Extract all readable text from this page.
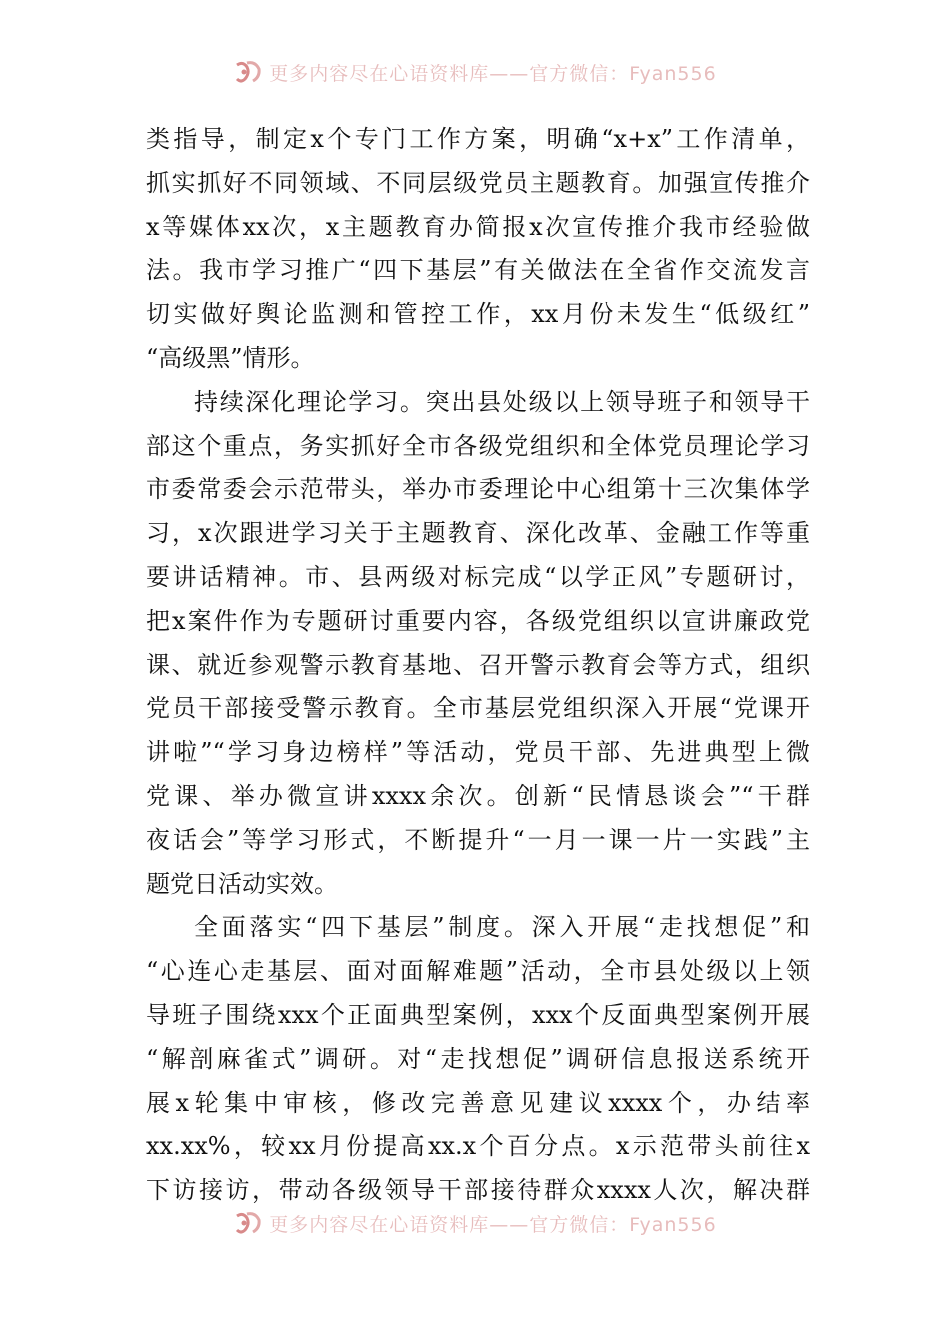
更多内容尽在心语资料库——官方微信：Fyan556
类指导，制定x个专门工作方案，明确“x+x”工作清单，
抓实抓好不同领域、不同层级党员主题教育。加强宣传推介
x等媒体xx次，x主题教育办简报x次宣传推介我市经验做
法。我市学习推广“四下基层”有关做法在全省作交流发言
切实做好舆论监测和管控工作，xx月份未发生“低级红”
“高级黑”情形。
持续深化理论学习。突出县处级以上领导班子和领导干
部这个重点，务实抓好全市各级党组织和全体党员理论学习
市委常委会示范带头，举办市委理论中心组第十三次集体学
习，x次跟进学习关于主题教育、深化改革、金融工作等重
要讲话精神。市、县两级对标完成“以学正风”专题研讨，
把x案件作为专题研讨重要内容，各级党组织以宣讲廉政党
课、就近参观警示教育基地、召开警示教育会等方式，组织
党员干部接受警示教育。全市基层党组织深入开展“党课开
讲啦”“学习身边榜样”等活动，党员干部、先进典型上微
党课、举办微宣讲xxxx余次。创新“民情恳谈会”“干群
夜话会”等学习形式，不断提升“一月一课一片一实践”主
题党日活动实效。
全面落实“四下基层”制度。深入开展“走找想促”和
“心连心走基层、面对面解难题”活动，全市县处级以上领
导班子围绕xxx个正面典型案例，xxx个反面典型案例开展
“解剖麻雀式”调研。对“走找想促”调研信息报送系统开
展x轮集中审核，修改完善意见建议xxxx个，办结率
xx.xx%，较xx月份提高xx.x个百分点。x示范带头前往x
下访接访，带动各级领导干部接待群众xxxx人次，解决群
更多内容尽在心语资料库——官方微信：Fyan556
